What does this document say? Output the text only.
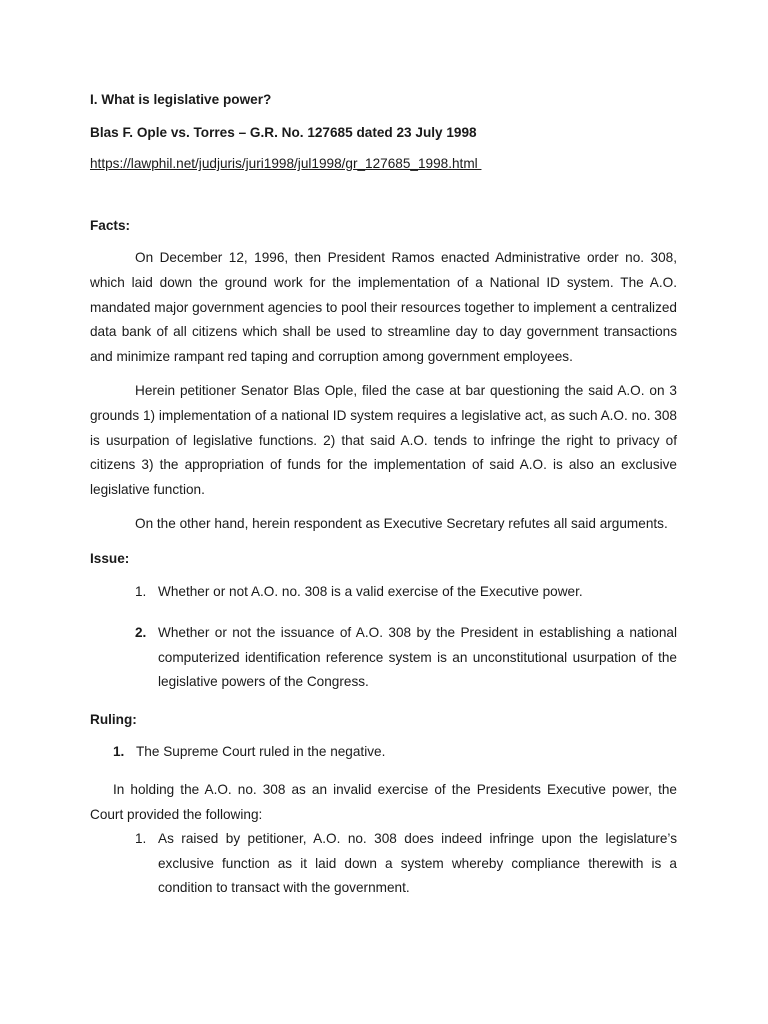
I. What is legislative power?
Blas F. Ople vs. Torres – G.R. No. 127685 dated 23 July 1998
https://lawphil.net/judjuris/juri1998/jul1998/gr_127685_1998.html
Facts:

On December 12, 1996, then President Ramos enacted Administrative order no. 308, which laid down the ground work for the implementation of a National ID system. The A.O. mandated major government agencies to pool their resources together to implement a centralized data bank of all citizens which shall be used to streamline day to day government transactions and minimize rampant red taping and corruption among government employees.

Herein petitioner Senator Blas Ople, filed the case at bar questioning the said A.O. on 3 grounds 1) implementation of a national ID system requires a legislative act, as such A.O. no. 308 is usurpation of legislative functions. 2) that said A.O. tends to infringe the right to privacy of citizens 3) the appropriation of funds for the implementation of said A.O. is also an exclusive legislative function.

On the other hand, herein respondent as Executive Secretary refutes all said arguments.

Issue:
1. Whether or not A.O. no. 308 is a valid exercise of the Executive power.
2. Whether or not the issuance of A.O. 308 by the President in establishing a national computerized identification reference system is an unconstitutional usurpation of the legislative powers of the Congress.
Ruling:
1. The Supreme Court ruled in the negative.

In holding the A.O. no. 308 as an invalid exercise of the Presidents Executive power, the Court provided the following:

1. As raised by petitioner, A.O. no. 308 does indeed infringe upon the legislature’s exclusive function as it laid down a system whereby compliance therewith is a condition to transact with the government.
